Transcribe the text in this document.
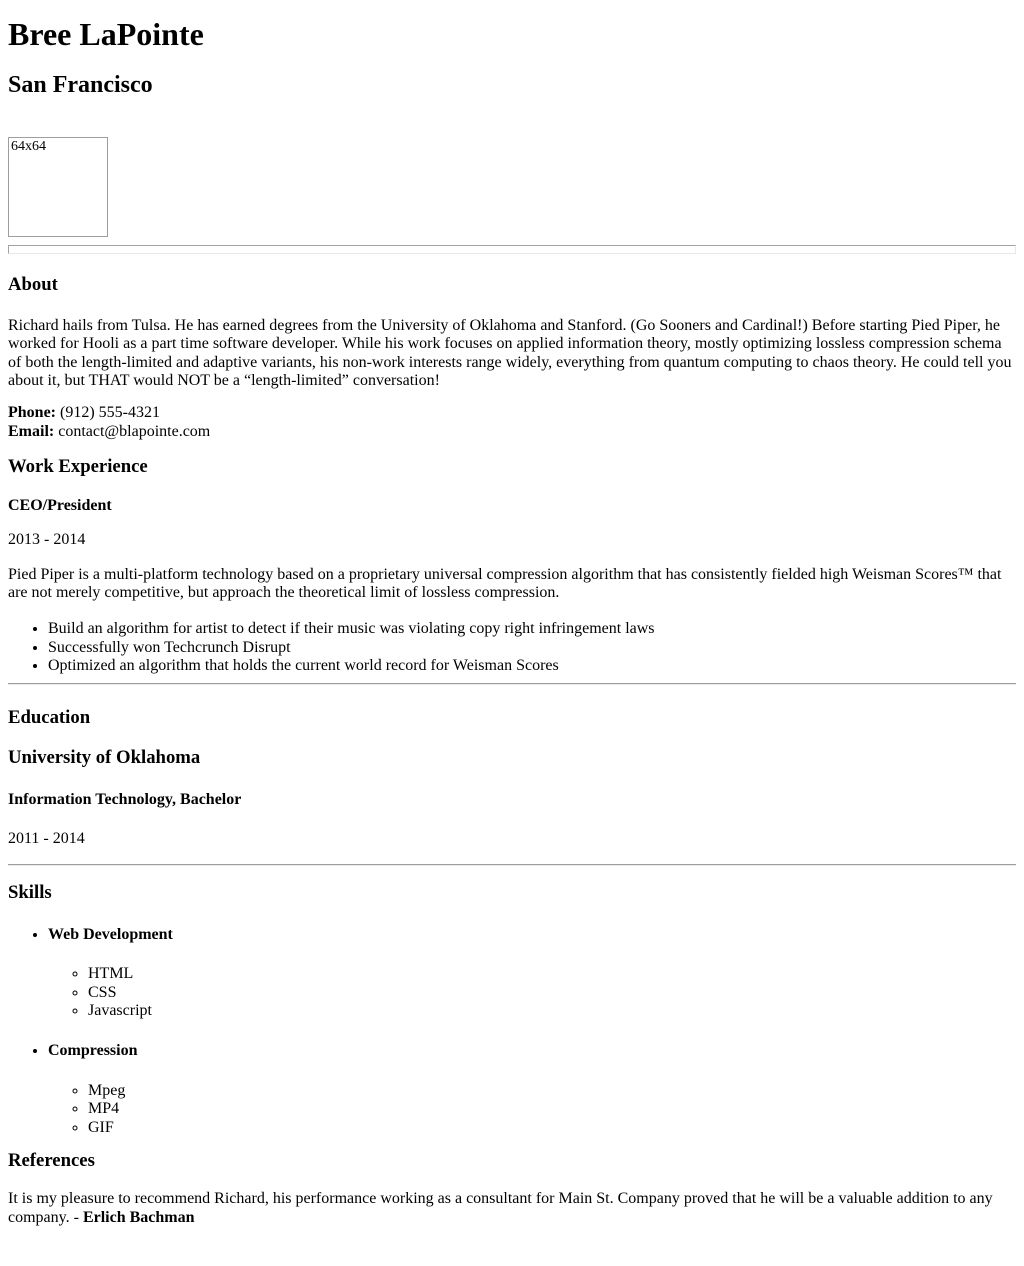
Bree LaPointe
San Francisco
64x64
About

Richard hails from Tulsa. He has earned degrees from the University of Oklahoma and Stanford. (Go Sooners and Cardinal!) Before starting Pied Piper, he worked for Hooli as a part time software developer. While his work focuses on applied information theory, mostly optimizing lossless compression schema of both the length-limited and adaptive variants, his non-work interests range widely, everything from quantum computing to chaos theory. He could tell you about it, but THAT would NOT be a “length-limited” conversation!

Phone: (912) 555-4321
Email: contact@blapointe.com

Work Experience
CEO/President

2013 - 2014

Pied Piper is a multi-platform technology based on a proprietary universal compression algorithm that has consistently fielded high Weisman Scores™ that are not merely competitive, but approach the theoretical limit of lossless compression.

• Build an algorithm for artist to detect if their music was violating copy right infringement laws
• Successfully won Techcrunch Disrupt
• Optimized an algorithm that holds the current world record for Weisman Scores
Education
University of Oklahoma
Information Technology, Bachelor

2011 - 2014

Skills
• Web Development
◦ HTML
◦ CSS
◦ Javascript
• Compression
◦ Mpeg
◦ MP4
◦ GIF
References

It is my pleasure to recommend Richard, his performance working as a consultant for Main St. Company proved that he will be a valuable addition to any company. - Erlich Bachman
